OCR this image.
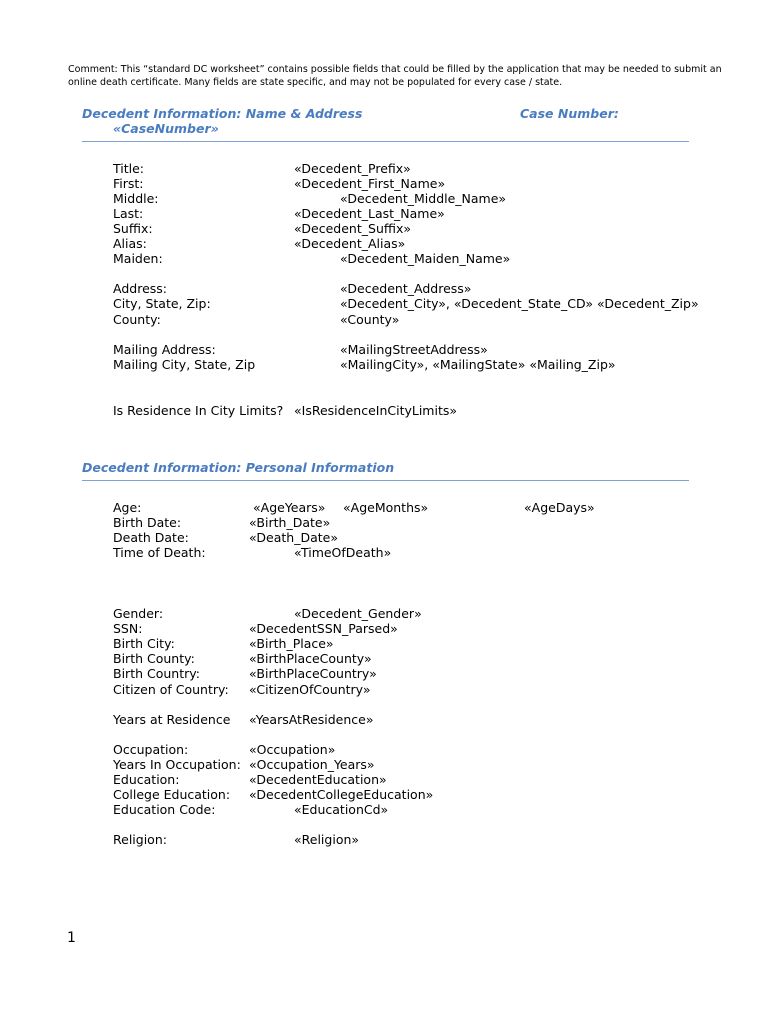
Comment: This “standard DC worksheet” contains possible fields that could be filled by the application that may be needed to submit an online death certificate. Many fields are state specific, and may not be populated for every case / state.
Decedent Information: Name & Address	Case Number:
«CaseNumber»
Title:	«Decedent_Prefix»
First:	«Decedent_First_Name»
Middle:	«Decedent_Middle_Name»
Last:	«Decedent_Last_Name»
Suffix:	«Decedent_Suffix»
Alias:	«Decedent_Alias»
Maiden:	«Decedent_Maiden_Name»
Address:	«Decedent_Address»
City, State, Zip:	«Decedent_City», «Decedent_State_CD» «Decedent_Zip»
County:	«County»
Mailing Address:	«MailingStreetAddress»
Mailing City, State, Zip	«MailingCity», «MailingState» «Mailing_Zip»
Is Residence In City Limits? «IsResidenceInCityLimits»
Decedent Information: Personal Information
Age:	«AgeYears» «AgeMonths»	«AgeDays»
Birth Date:	«Birth_Date»
Death Date:	«Death_Date»
Time of Death:	«TimeOfDeath»
Gender:	«Decedent_Gender»
SSN:	«DecedentSSN_Parsed»
Birth City:	«Birth_Place»
Birth County:	«BirthPlaceCounty»
Birth Country:	«BirthPlaceCountry»
Citizen of Country: «CitizenOfCountry»
Years at Residence «YearsAtResidence»
Occupation:	«Occupation»
Years In Occupation: «Occupation_Years»
Education:	«DecedentEducation»
College Education: «DecedentCollegeEducation»
Education Code:	«EducationCd»
Religion:	«Religion»
1
